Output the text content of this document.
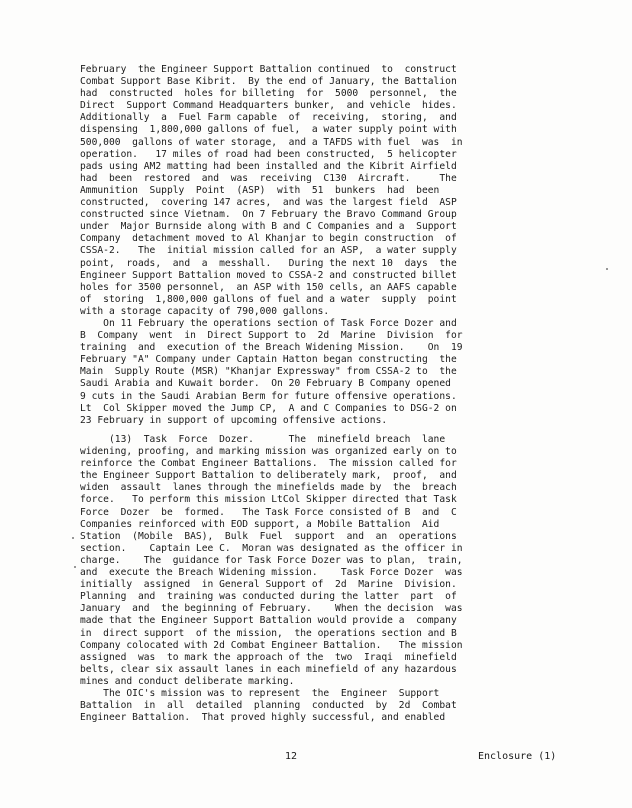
February  the Engineer Support Battalion continued  to  construct
Combat Support Base Kibrit.  By the end of January, the Battalion
had  constructed  holes for billeting  for  5000  personnel,  the
Direct  Support Command Headquarters bunker,  and vehicle  hides.
Additionally  a  Fuel Farm capable  of  receiving,  storing,  and
dispensing  1,800,000 gallons of fuel,  a water supply point with
500,000  gallons of water storage,  and a TAFDS with fuel  was  in
operation.   17 miles of road had been constructed,  5 helicopter
pads using AM2 matting had been installed and the Kibrit Airfield
had  been  restored  and  was  receiving  C130  Aircraft.     The
Ammunition  Supply  Point  (ASP)  with  51  bunkers  had  been
constructed,  covering 147 acres,  and was the largest field  ASP
constructed since Vietnam.  On 7 February the Bravo Command Group
under  Major Burnside along with B and C Companies and a  Support
Company  detachment moved to Al Khanjar to begin construction  of
CSSA-2.   The  initial mission called for an ASP,  a water supply
point,  roads,  and  a  messhall.   During the next 10  days  the
Engineer Support Battalion moved to CSSA-2 and constructed billet
holes for 3500 personnel,  an ASP with 150 cells, an AAFS capable
of  storing  1,800,000 gallons of fuel and a water  supply  point
with a storage capacity of 790,000 gallons.
On 11 February the operations section of Task Force Dozer and
B  Company  went  in  Direct Support to  2d  Marine  Division  for
training  and  execution of the Breach Widening Mission.    On  19
February "A" Company under Captain Hatton began constructing  the
Main  Supply Route (MSR) "Khanjar Expressway" from CSSA-2 to  the
Saudi Arabia and Kuwait border.  On 20 February B Company opened
9 cuts in the Saudi Arabian Berm for future offensive operations.
Lt  Col Skipper moved the Jump CP,  A and C Companies to DSG-2 on
23 February in support of upcoming offensive actions.
(13)  Task  Force  Dozer.      The  minefield breach  lane
widening, proofing, and marking mission was organized early on to
reinforce the Combat Engineer Battalions.  The mission called for
the Engineer Support Battalion to deliberately mark,  proof,  and
widen  assault  lanes through the minefields made by  the  breach
force.   To perform this mission LtCol Skipper directed that Task
Force  Dozer  be  formed.   The Task Force consisted of B  and  C
Companies reinforced with EOD support, a Mobile Battalion  Aid
Station  (Mobile  BAS),  Bulk  Fuel  support  and  an  operations
section.    Captain Lee C.  Moran was designated as the officer in
charge.    The  guidance for Task Force Dozer was to plan,  train,
and  execute the Breach Widening mission.    Task Force Dozer  was
initially  assigned  in General Support of  2d  Marine  Division.
Planning  and  training was conducted during the latter  part  of
January  and  the beginning of February.    When the decision  was
made that the Engineer Support Battalion would provide a  company
in  direct support  of the mission,  the operations section and B
Company colocated with 2d Combat Engineer Battalion.   The mission
assigned  was  to mark the approach of the  two  Iraqi  minefield
belts, clear six assault lanes in each minefield of any hazardous
mines and conduct deliberate marking.
The OIC's mission was to represent  the  Engineer  Support
Battalion  in  all  detailed  planning  conducted  by  2d  Combat
Engineer Battalion.  That proved highly successful, and enabled
12	Enclosure (1)
